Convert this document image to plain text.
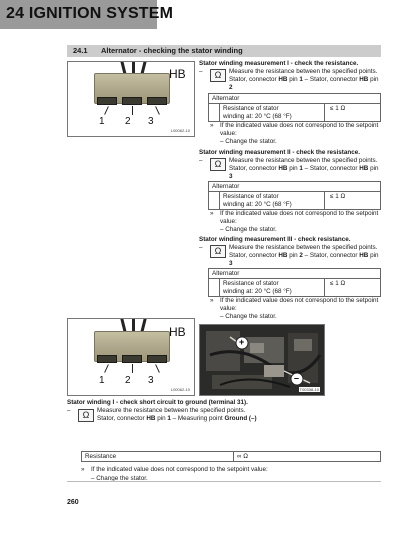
24 IGNITION SYSTEM
24.1 Alternator - checking the stator winding
HB
1 2 3
L00062-10
Stator winding measurement I - check the resistance.
–	Ω	Measure the resistance between the specified points.
Stator, connector HB pin 1 – Stator, connector HB pin
2
Alternator
Resistance of stator
winding at: 20 °C (68 °F)
≤ 1 Ω
» If the indicated value does not correspond to the setpoint
value:
– Change the stator.
Stator winding measurement II - check the resistance.
–	Ω	Measure the resistance between the specified points.
Stator, connector HB pin 1 – Stator, connector HB pin
3
Alternator
Resistance of stator
winding at: 20 °C (68 °F)
≤ 1 Ω
» If the indicated value does not correspond to the setpoint
value:
– Change the stator.
Stator winding measurement III - check resistance.
–	Ω	Measure the resistance between the specified points.
Stator, connector HB pin 2 – Stator, connector HB pin
3
Alternator
Resistance of stator
winding at: 20 °C (68 °F)
≤ 1 Ω
» If the indicated value does not correspond to the setpoint
value:
– Change the stator.
HB
1 2 3
L00062-10
+
–
T00338-10
Stator winding I - check short circuit to ground (terminal 31).
–	Ω	Measure the resistance between the specified points.
Stator, connector HB pin 1 – Measuring point Ground (–)
Resistance	∞ Ω
» If the indicated value does not correspond to the setpoint value:
– Change the stator.
260
